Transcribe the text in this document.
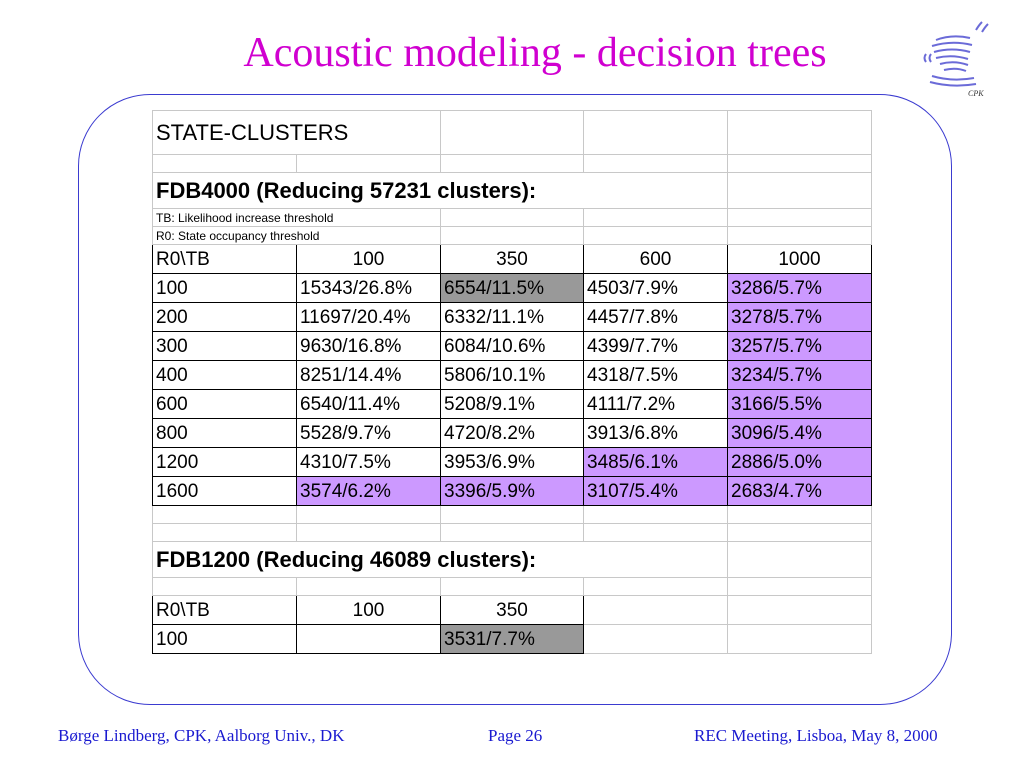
Acoustic modeling - decision trees
CPK
STATE-CLUSTERS				

FDB4000 (Reducing 57231 clusters):				
TB: Likelihood increase threshold				
R0: State occupancy threshold				
R0\TB	100	350	600	1000
100	15343/26.8%	6554/11.5%	4503/7.9%	3286/5.7%
200	11697/20.4%	6332/11.1%	4457/7.8%	3278/5.7%
300	9630/16.8%	6084/10.6%	4399/7.7%	3257/5.7%
400	8251/14.4%	5806/10.1%	4318/7.5%	3234/5.7%
600	6540/11.4%	5208/9.1%	4111/7.2%	3166/5.5%
800	5528/9.7%	4720/8.2%	3913/6.8%	3096/5.4%
1200	4310/7.5%	3953/6.9%	3485/6.1%	2886/5.0%
1600	3574/6.2%	3396/5.9%	3107/5.4%	2683/4.7%

FDB1200 (Reducing 46089 clusters):				

R0\TB	100	350		
100		3531/7.7%		
Børge Lindberg, CPK, Aalborg Univ., DK	Page 26	REC Meeting, Lisboa, May 8, 2000
